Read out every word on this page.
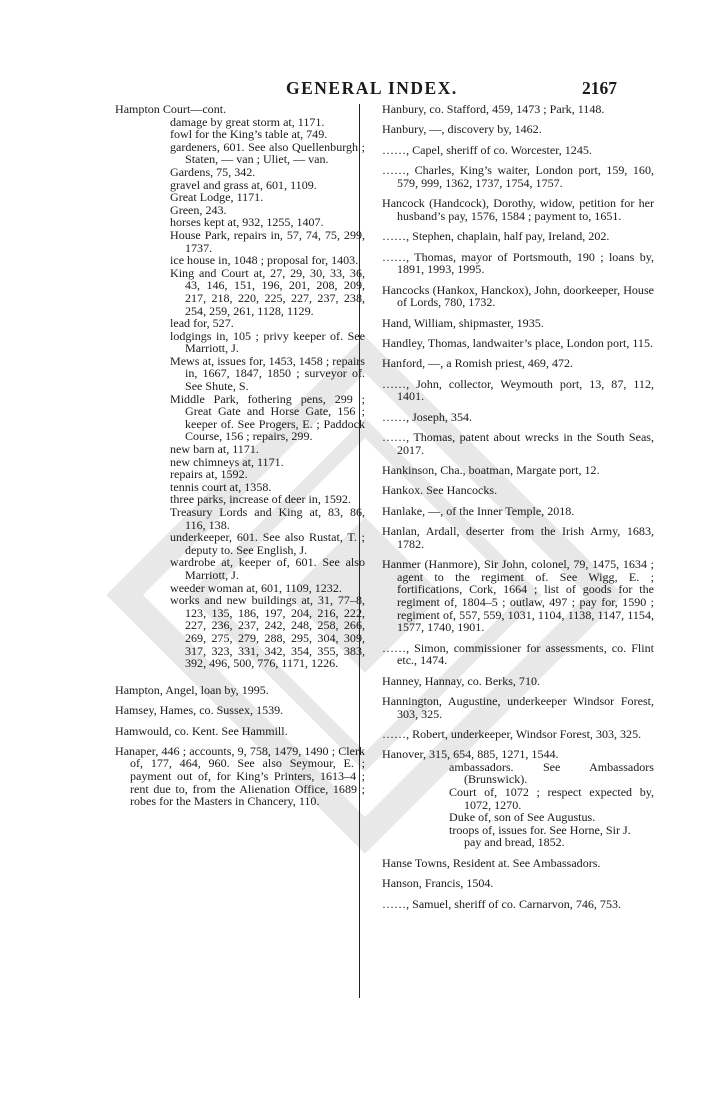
GENERAL INDEX.	2167
Hampton Court—cont.
damage by great storm at, 1171.
fowl for the King’s table at, 749.
gardeners, 601. See also Quellenburgh ; Staten, — van ; Uliet, — van.
Gardens, 75, 342.
gravel and grass at, 601, 1109.
Great Lodge, 1171.
Green, 243.
horses kept at, 932, 1255, 1407.
House Park, repairs in, 57, 74, 75, 299, 1737.
ice house in, 1048 ; proposal for, 1403.
King and Court at, 27, 29, 30, 33, 36, 43, 146, 151, 196, 201, 208, 209, 217, 218, 220, 225, 227, 237, 238, 254, 259, 261, 1128, 1129.
lead for, 527.
lodgings in, 105 ; privy keeper of. See Marriott, J.
Mews at, issues for, 1453, 1458 ; repairs in, 1667, 1847, 1850 ; surveyor of. See Shute, S.
Middle Park, fothering pens, 299 ; Great Gate and Horse Gate, 156 ; keeper of. See Progers, E. ; Paddock Course, 156 ; repairs, 299.
new barn at, 1171.
new chimneys at, 1171.
repairs at, 1592.
tennis court at, 1358.
three parks, increase of deer in, 1592.
Treasury Lords and King at, 83, 86, 116, 138.
underkeeper, 601. See also Rustat, T. ; deputy to. See English, J.
wardrobe at, keeper of, 601. See also Marriott, J.
weeder woman at, 601, 1109, 1232.
works and new buildings at, 31, 77–8, 123, 135, 186, 197, 204, 216, 222, 227, 236, 237, 242, 248, 258, 266, 269, 275, 279, 288, 295, 304, 309, 317, 323, 331, 342, 354, 355, 383, 392, 496, 500, 776, 1171, 1226.
Hampton, Angel, loan by, 1995.
Hamsey, Hames, co. Sussex, 1539.
Hamwould, co. Kent. See Hammill.
Hanaper, 446 ; accounts, 9, 758, 1479, 1490 ; Clerk of, 177, 464, 960. See also Seymour, E. ; payment out of, for King’s Printers, 1613–4 ; rent due to, from the Alienation Office, 1689 ; robes for the Masters in Chancery, 110.
Hanbury, co. Stafford, 459, 1473 ; Park, 1148.
Hanbury, —, discovery by, 1462.
……, Capel, sheriff of co. Worcester, 1245.
……, Charles, King’s waiter, London port, 159, 160, 579, 999, 1362, 1737, 1754, 1757.
Hancock (Handcock), Dorothy, widow, petition for her husband’s pay, 1576, 1584 ; payment to, 1651.
……, Stephen, chaplain, half pay, Ireland, 202.
……, Thomas, mayor of Portsmouth, 190 ; loans by, 1891, 1993, 1995.
Hancocks (Hankox, Hanckox), John, doorkeeper, House of Lords, 780, 1732.
Hand, William, shipmaster, 1935.
Handley, Thomas, landwaiter’s place, London port, 115.
Hanford, —, a Romish priest, 469, 472.
……, John, collector, Weymouth port, 13, 87, 112, 1401.
……, Joseph, 354.
……, Thomas, patent about wrecks in the South Seas, 2017.
Hankinson, Cha., boatman, Margate port, 12.
Hankox. See Hancocks.
Hanlake, —, of the Inner Temple, 2018.
Hanlan, Ardall, deserter from the Irish Army, 1683, 1782.
Hanmer (Hanmore), Sir John, colonel, 79, 1475, 1634 ; agent to the regiment of. See Wigg, E. ; fortifications, Cork, 1664 ; list of goods for the regiment of, 1804–5 ; outlaw, 497 ; pay for, 1590 ; regiment of, 557, 559, 1031, 1104, 1138, 1147, 1154, 1577, 1740, 1901.
……, Simon, commissioner for assessments, co. Flint etc., 1474.
Hanney, Hannay, co. Berks, 710.
Hannington, Augustine, underkeeper Windsor Forest, 303, 325.
……, Robert, underkeeper, Windsor Forest, 303, 325.
Hanover, 315, 654, 885, 1271, 1544.
ambassadors. See Ambassadors (Brunswick).
Court of, 1072 ; respect expected by, 1072, 1270.
Duke of, son of See Augustus.
troops of, issues for. See Horne, Sir J.
pay and bread, 1852.
Hanse Towns, Resident at. See Ambassadors.
Hanson, Francis, 1504.
……, Samuel, sheriff of co. Carnarvon, 746, 753.
